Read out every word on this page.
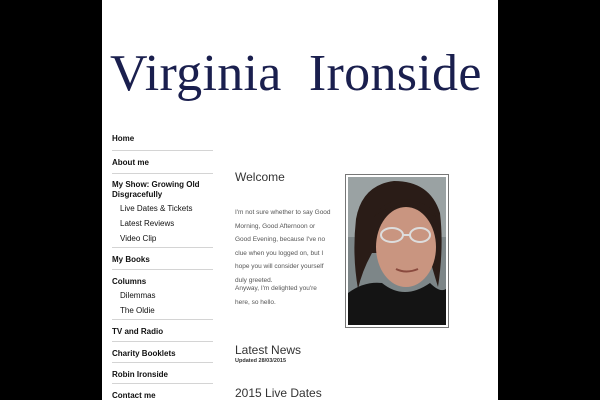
Virginia Ironside
Home
About me
My Show: Growing Old Disgracefully
Live Dates & Tickets
Latest Reviews
Video Clip
My Books
Columns
Dilemmas
The Oldie
TV and Radio
Charity Booklets
Robin Ironside
Contact me
Welcome
I'm not sure whether to say Good Morning, Good Afternoon or Good Evening, because I've no clue when you logged on, but I hope you will consider yourself duly greeted.
Anyway, I'm delighted you're here, so hello.
Latest News
Updated 28/03/2015
2015 Live Dates
